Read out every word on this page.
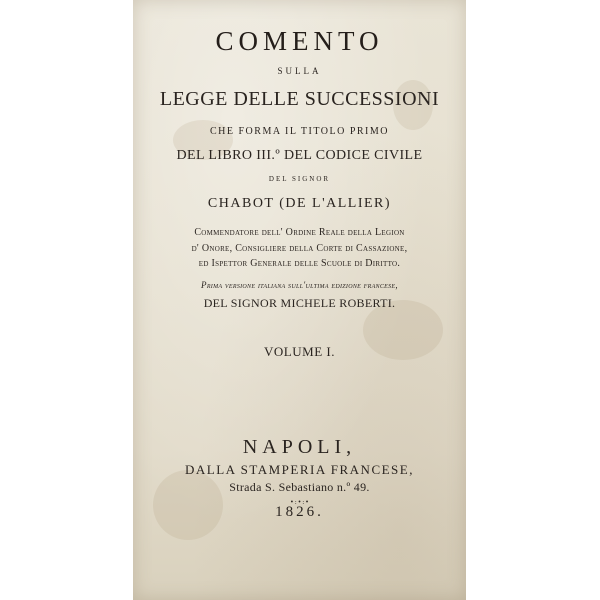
COMENTO
SULLA
LEGGE DELLE SUCCESSIONI
CHE FORMA IL TITOLO PRIMO
DEL LIBRO III.º DEL CODICE CIVILE
DEL SIGNOR
CHABOT (DE L'ALLIER)
Commendatore dell' Ordine Reale della Legion
d' Onore, Consigliere della Corte di Cassazione,
ed Ispettor Generale delle Scuole di Diritto.
Prima versione italiana sull'ultima edizione francese,
DEL SIGNOR MICHELE ROBERTI.
VOLUME I.
NAPOLI,
DALLA STAMPERIA FRANCESE,
Strada S. Sebastiano n.º 49.
•:•:•
1826.
